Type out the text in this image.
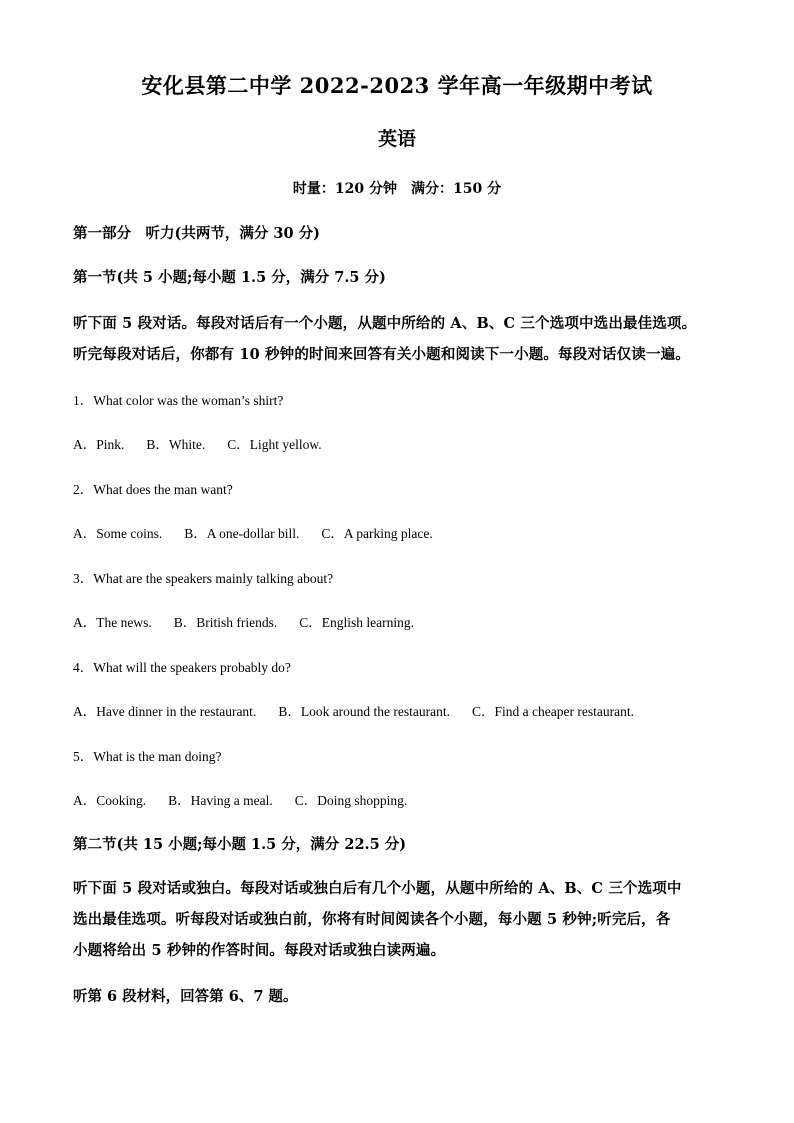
安化县第二中学 2022-2023 学年高一年级期中考试
英语
时量：120 分钟　满分：150 分
第一部分　听力(共两节，满分 30 分)
第一节(共 5 小题;每小题 1.5 分，满分 7.5 分)
听下面 5 段对话。每段对话后有一个小题，从题中所给的 A、B、C 三个选项中选出最佳选项。
听完每段对话后，你都有 10 秒钟的时间来回答有关小题和阅读下一小题。每段对话仅读一遍。
1．What color was the woman’s shirt?
A．Pink. B．White. C．Light yellow.
2．What does the man want?
A．Some coins. B．A one-dollar bill. C．A parking place.
3．What are the speakers mainly talking about?
A．The news. B．British friends. C．English learning.
4．What will the speakers probably do?
A．Have dinner in the restaurant. B．Look around the restaurant. C．Find a cheaper restaurant.
5．What is the man doing?
A．Cooking. B．Having a meal. C．Doing shopping.
第二节(共 15 小题;每小题 1.5 分，满分 22.5 分)
听下面 5 段对话或独白。每段对话或独白后有几个小题，从题中所给的 A、B、C 三个选项中
选出最佳选项。听每段对话或独白前，你将有时间阅读各个小题，每小题 5 秒钟;听完后，各
小题将给出 5 秒钟的作答时间。每段对话或独白读两遍。
听第 6 段材料，回答第 6、7 题。
